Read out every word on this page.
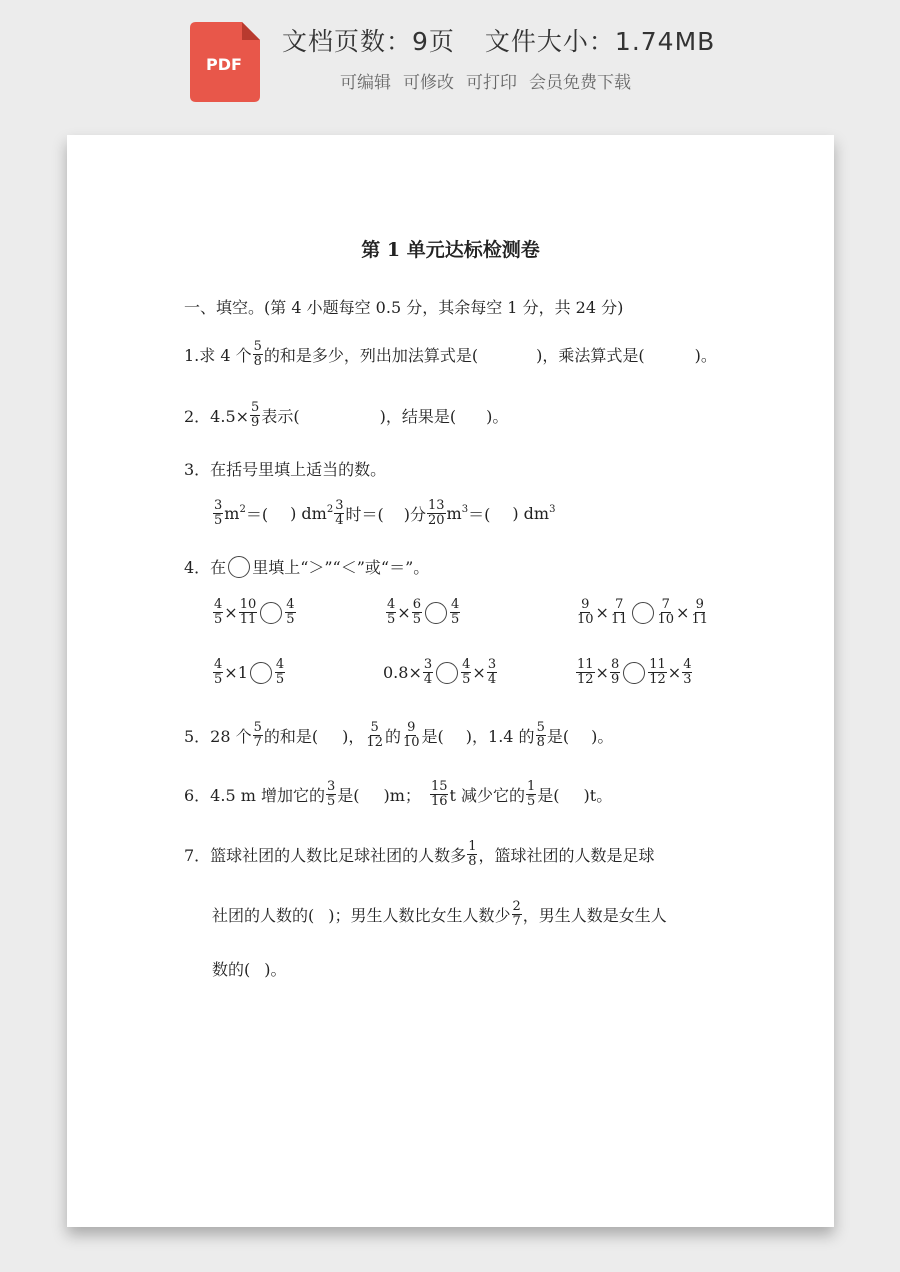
PDF
文档页数：9页 文件大小：1.74MB
可编辑 可修改 可打印 会员免费下载
第 1 单元达标检测卷
一、填空。(第 4 小题每空 0.5 分，其余每空 1 分，共 24 分)
1.求 4 个 $\frac{5}{8}$ 的和是多少，列出加法算式是(	)，乘法算式是(	)。
2．$4.5\times \frac{5}{9}$ 表示(	)，结果是( )。
3．在括号里填上适当的数。
$\frac{3}{5}$ m 2 ＝( ) dm $2 \frac{3}{4}$ 时＝( )分 $\frac{13}{20}$ m 3 ＝( ) dm 3
4．在 里填上“＞”“＜”或“＝”。
$\frac{4}{5} \times \frac{10}{11} \frac{4}{5}$	$\frac{4}{5} \times \frac{6}{5} \frac{4}{5}$	$\frac{9}{10} \times \frac{7}{11} \frac{7}{10} \times \frac{9}{11}$
$\frac{4}{5} \times 1 \frac{4}{5}$	$0.8\times \frac{3}{4} \frac{4}{5} \times \frac{3}{4}$	$\frac{11}{12} \times \frac{8}{9} \frac{11}{12} \times \frac{4}{3}$
5．28 个 $\frac{5}{7}$ 的和是( )， $\frac{5}{12}$ 的 $\frac{9}{10}$ 是( )，1.4 的 $\frac{5}{8}$ 是( )。
6．4.5 m 增加它的 $\frac{3}{5}$ 是( )m； $\frac{15}{16}$ t 减少它的 $\frac{1}{5}$ 是( )t。
7．篮球社团的人数比足球社团的人数多 $\frac{1}{8}$ ，篮球社团的人数是足球
社团的人数的( )；男生人数比女生人数少 $\frac{2}{7}$ ，男生人数是女生人
数的( )。
